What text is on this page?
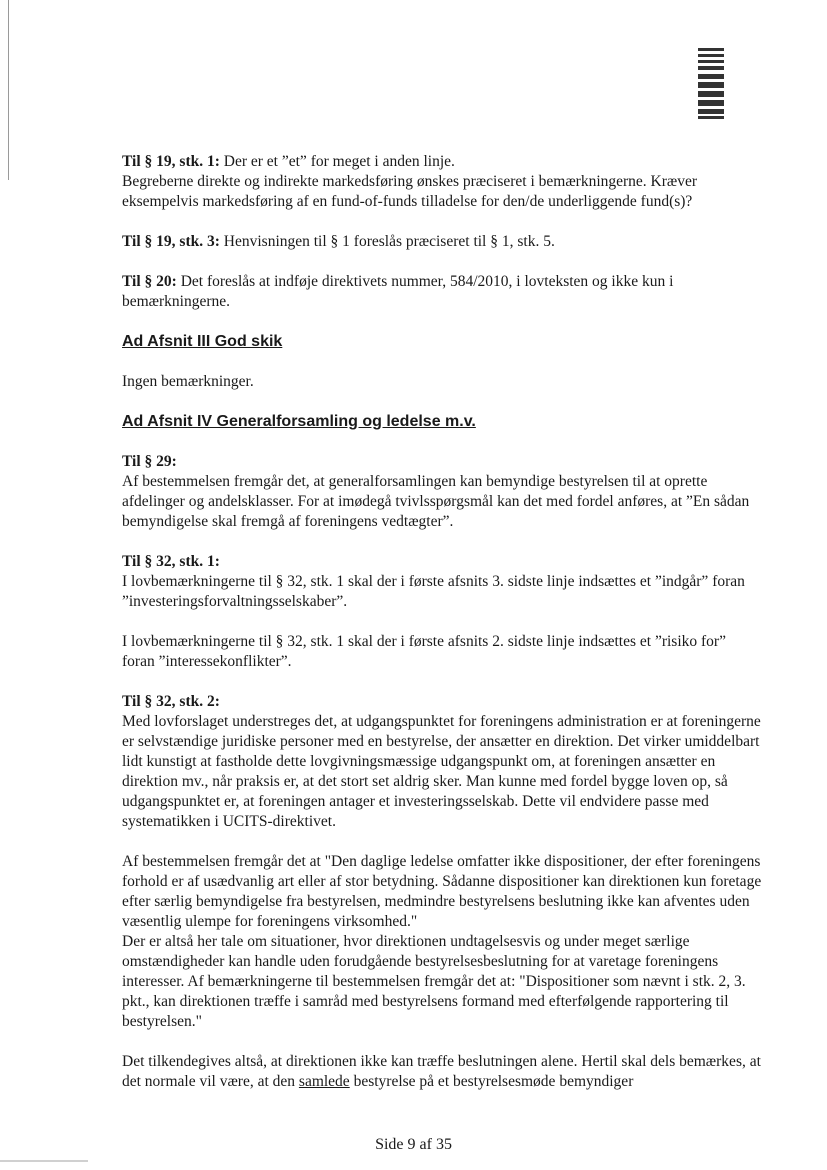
Til § 19, stk. 1: Der er et ”et” for meget i anden linje.

Begreberne direkte og indirekte markedsføring ønskes præciseret i bemærkningerne. Kræver eksempelvis markedsføring af en fund-of-funds tilladelse for den/de underliggende fund(s)?

Til § 19, stk. 3: Henvisningen til § 1 foreslås præciseret til § 1, stk. 5.

Til § 20: Det foreslås at indføje direktivets nummer, 584/2010, i lovteksten og ikke kun i bemærkningerne.

Ad Afsnit III God skik

Ingen bemærkninger.

Ad Afsnit IV Generalforsamling og ledelse m.v.

Til § 29:

Af bestemmelsen fremgår det, at generalforsamlingen kan bemyndige bestyrelsen til at oprette afdelinger og andelsklasser. For at imødegå tvivlsspørgsmål kan det med fordel anføres, at ”En sådan bemyndigelse skal fremgå af foreningens vedtægter”.

Til § 32, stk. 1:

I lovbemærkningerne til § 32, stk. 1 skal der i første afsnits 3. sidste linje indsættes et ”indgår” foran ”investeringsforvaltningsselskaber”.

I lovbemærkningerne til § 32, stk. 1 skal der i første afsnits 2. sidste linje indsættes et ”risiko for” foran ”interessekonflikter”.

Til § 32, stk. 2:

Med lovforslaget understreges det, at udgangspunktet for foreningens administration er at foreningerne er selvstændige juridiske personer med en bestyrelse, der ansætter en direktion. Det virker umiddelbart lidt kunstigt at fastholde dette lovgivningsmæssige udgangspunkt om, at foreningen ansætter en direktion mv., når praksis er, at det stort set aldrig sker. Man kunne med fordel bygge loven op, så udgangspunktet er, at foreningen antager et investeringsselskab. Dette vil endvidere passe med systematikken i UCITS-direktivet.

Af bestemmelsen fremgår det at "Den daglige ledelse omfatter ikke dispositioner, der efter foreningens forhold er af usædvanlig art eller af stor betydning. Sådanne dispositioner kan direktionen kun foretage efter særlig bemyndigelse fra bestyrelsen, medmindre bestyrelsens beslutning ikke kan afventes uden væsentlig ulempe for foreningens virksomhed."

Der er altså her tale om situationer, hvor direktionen undtagelsesvis og under meget særlige omstændigheder kan handle uden forudgående bestyrelsesbeslutning for at varetage foreningens interesser. Af bemærkningerne til bestemmelsen fremgår det at: "Dispositioner som nævnt i stk. 2, 3. pkt., kan direktionen træffe i samråd med bestyrelsens formand med efterfølgende rapportering til bestyrelsen."

Det tilkendegives altså, at direktionen ikke kan træffe beslutningen alene. Hertil skal dels bemærkes, at det normale vil være, at den samlede bestyrelse på et bestyrelsesmøde bemyndiger

Side 9 af 35
